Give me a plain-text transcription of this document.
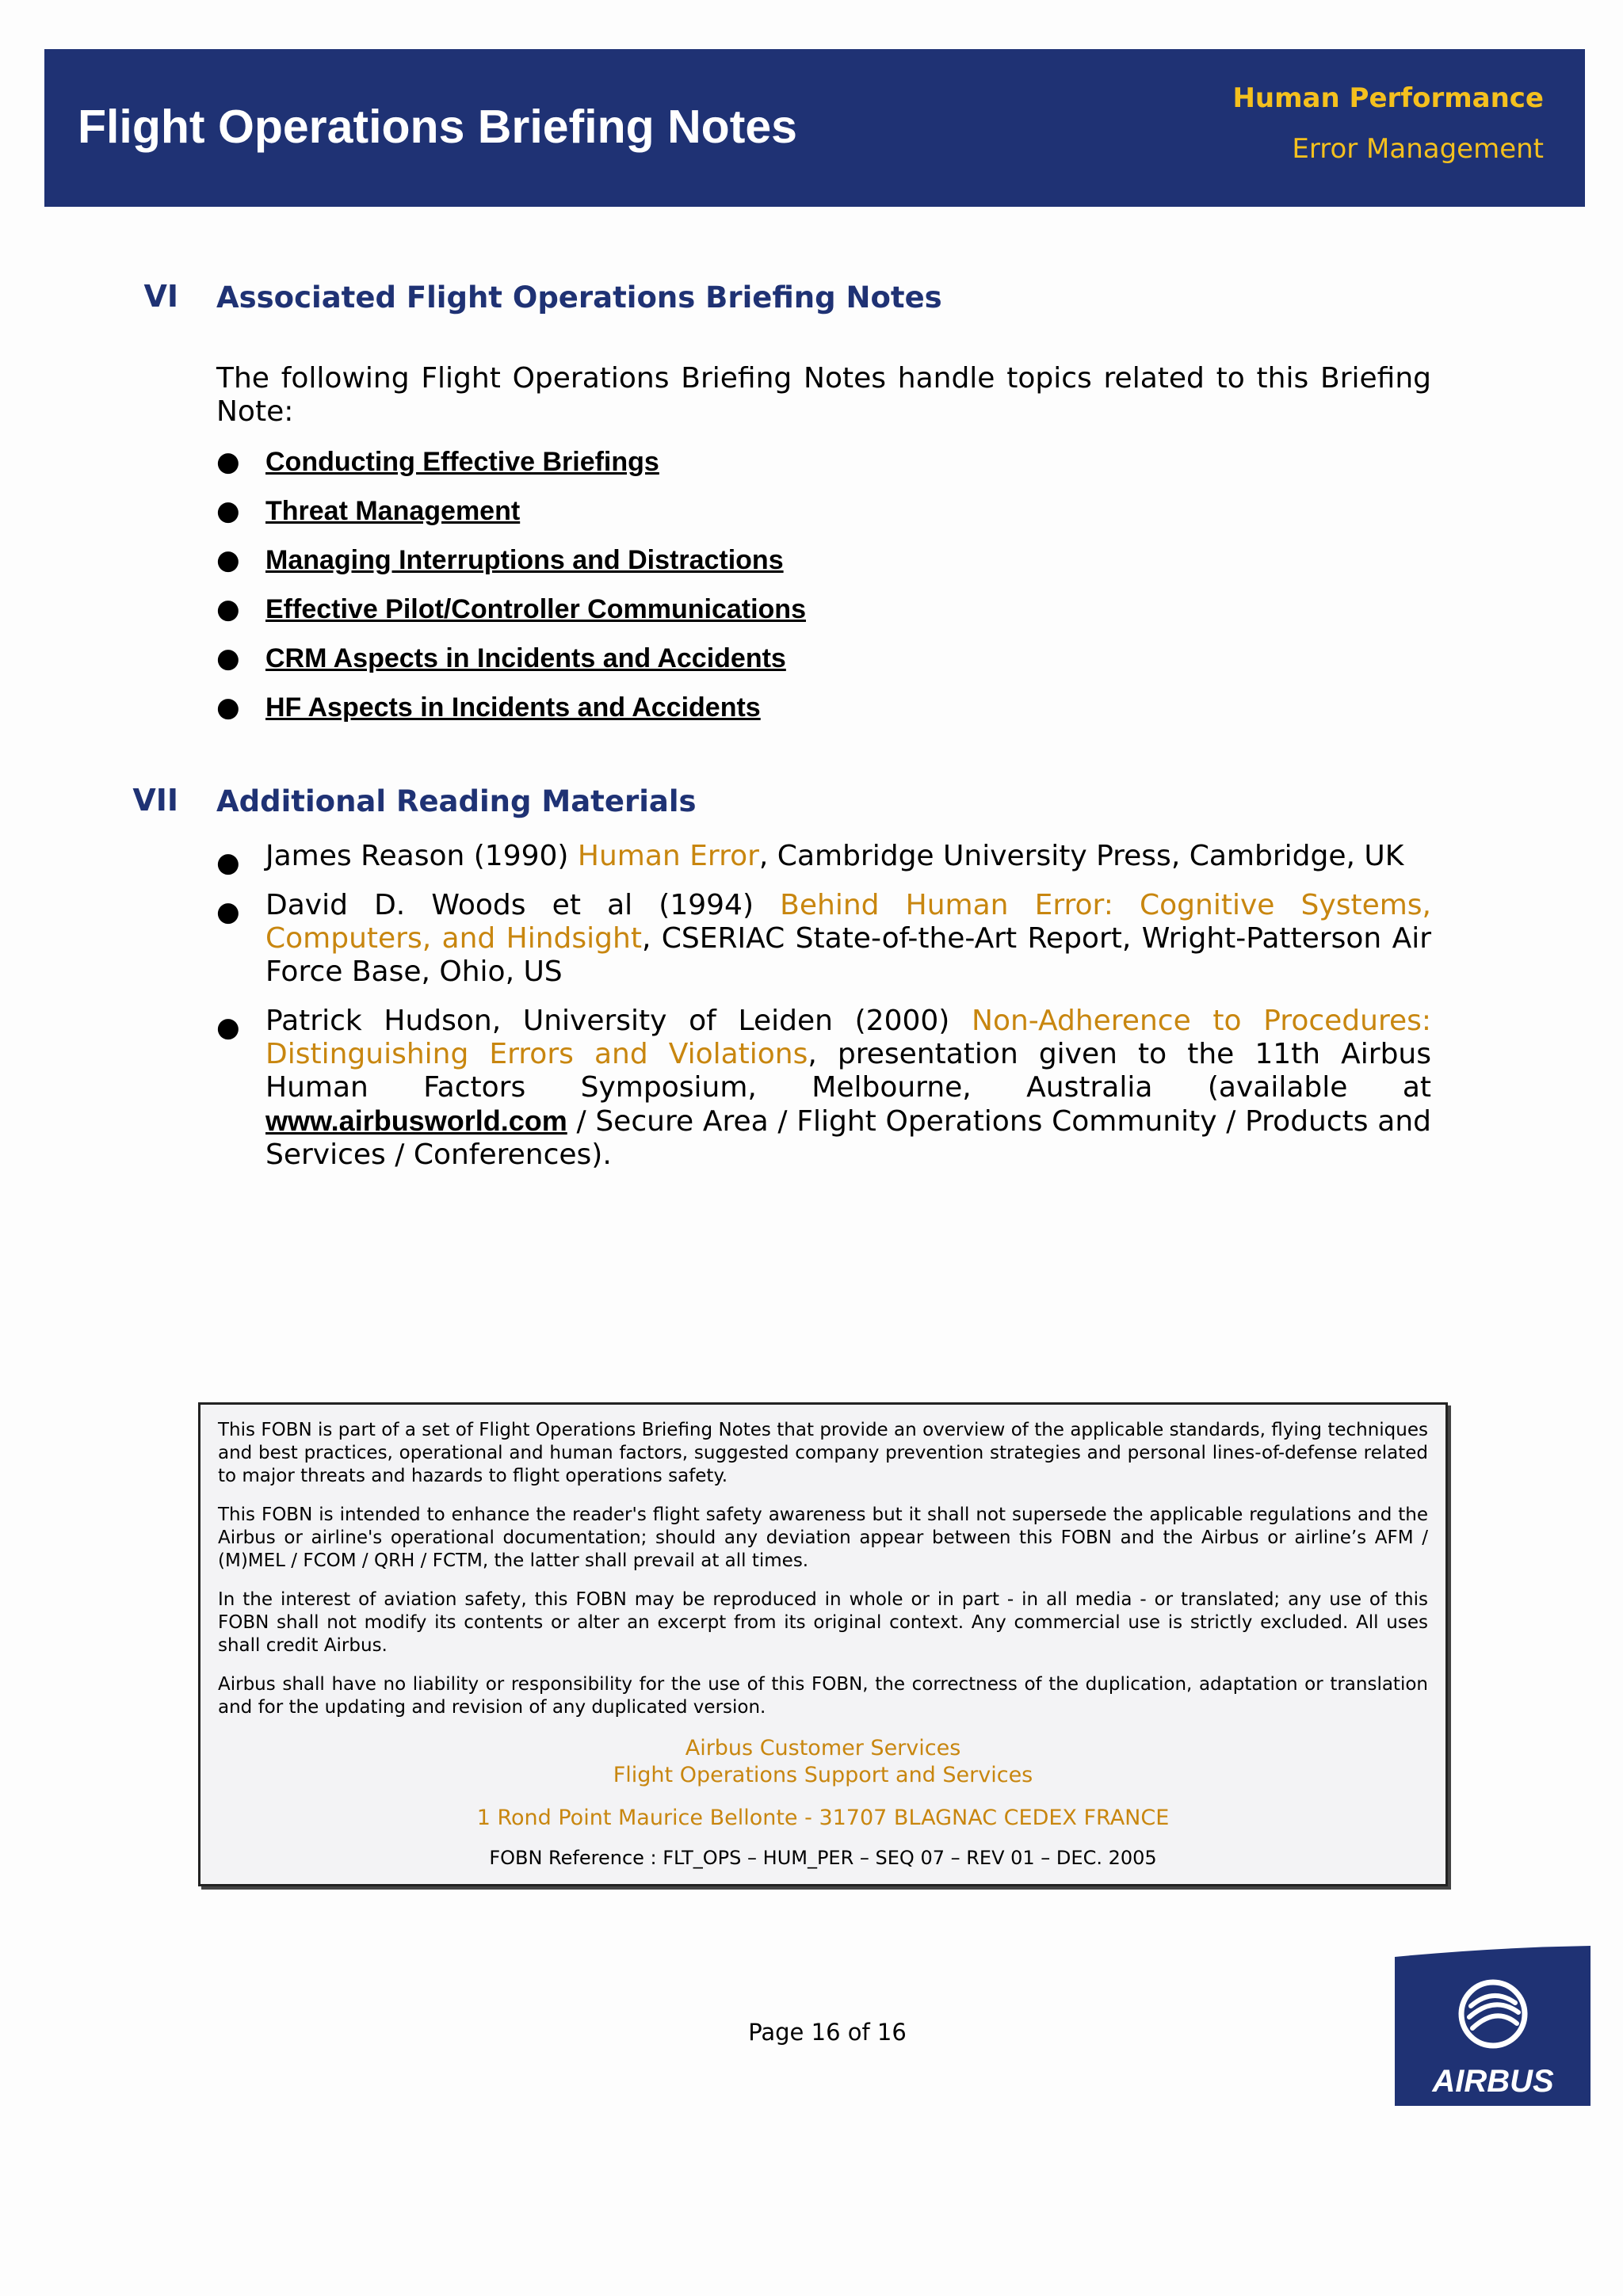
Flight Operations Briefing Notes
Human Performance
Error Management
VI Associated Flight Operations Briefing Notes
The following Flight Operations Briefing Notes handle topics related to this Briefing Note:
● Conducting Effective Briefings
● Threat Management
● Managing Interruptions and Distractions
● Effective Pilot/Controller Communications
● CRM Aspects in Incidents and Accidents
● HF Aspects in Incidents and Accidents
VII Additional Reading Materials
● James Reason (1990) Human Error, Cambridge University Press, Cambridge, UK
● David D. Woods et al (1994) Behind Human Error: Cognitive Systems, Computers, and Hindsight, CSERIAC State-of-the-Art Report, Wright-Patterson Air Force Base, Ohio, US
● Patrick Hudson, University of Leiden (2000) Non-Adherence to Procedures: Distinguishing Errors and Violations, presentation given to the 11th Airbus Human Factors Symposium, Melbourne, Australia (available at www.airbusworld.com / Secure Area / Flight Operations Community / Products and Services / Conferences).

This FOBN is part of a set of Flight Operations Briefing Notes that provide an overview of the applicable standards, flying techniques and best practices, operational and human factors, suggested company prevention strategies and personal lines-of-defense related to major threats and hazards to flight operations safety.

This FOBN is intended to enhance the reader's flight safety awareness but it shall not supersede the applicable regulations and the Airbus or airline's operational documentation; should any deviation appear between this FOBN and the Airbus or airline’s AFM / (M)MEL / FCOM / QRH / FCTM, the latter shall prevail at all times.

In the interest of aviation safety, this FOBN may be reproduced in whole or in part - in all media - or translated; any use of this FOBN shall not modify its contents or alter an excerpt from its original context. Any commercial use is strictly excluded. All uses shall credit Airbus.

Airbus shall have no liability or responsibility for the use of this FOBN, the correctness of the duplication, adaptation or translation and for the updating and revision of any duplicated version.

Airbus Customer Services

Flight Operations Support and Services

1 Rond Point Maurice Bellonte - 31707 BLAGNAC CEDEX FRANCE

FOBN Reference : FLT_OPS – HUM_PER – SEQ 07 – REV 01 – DEC. 2005
Page 16 of 16
AIRBUS
